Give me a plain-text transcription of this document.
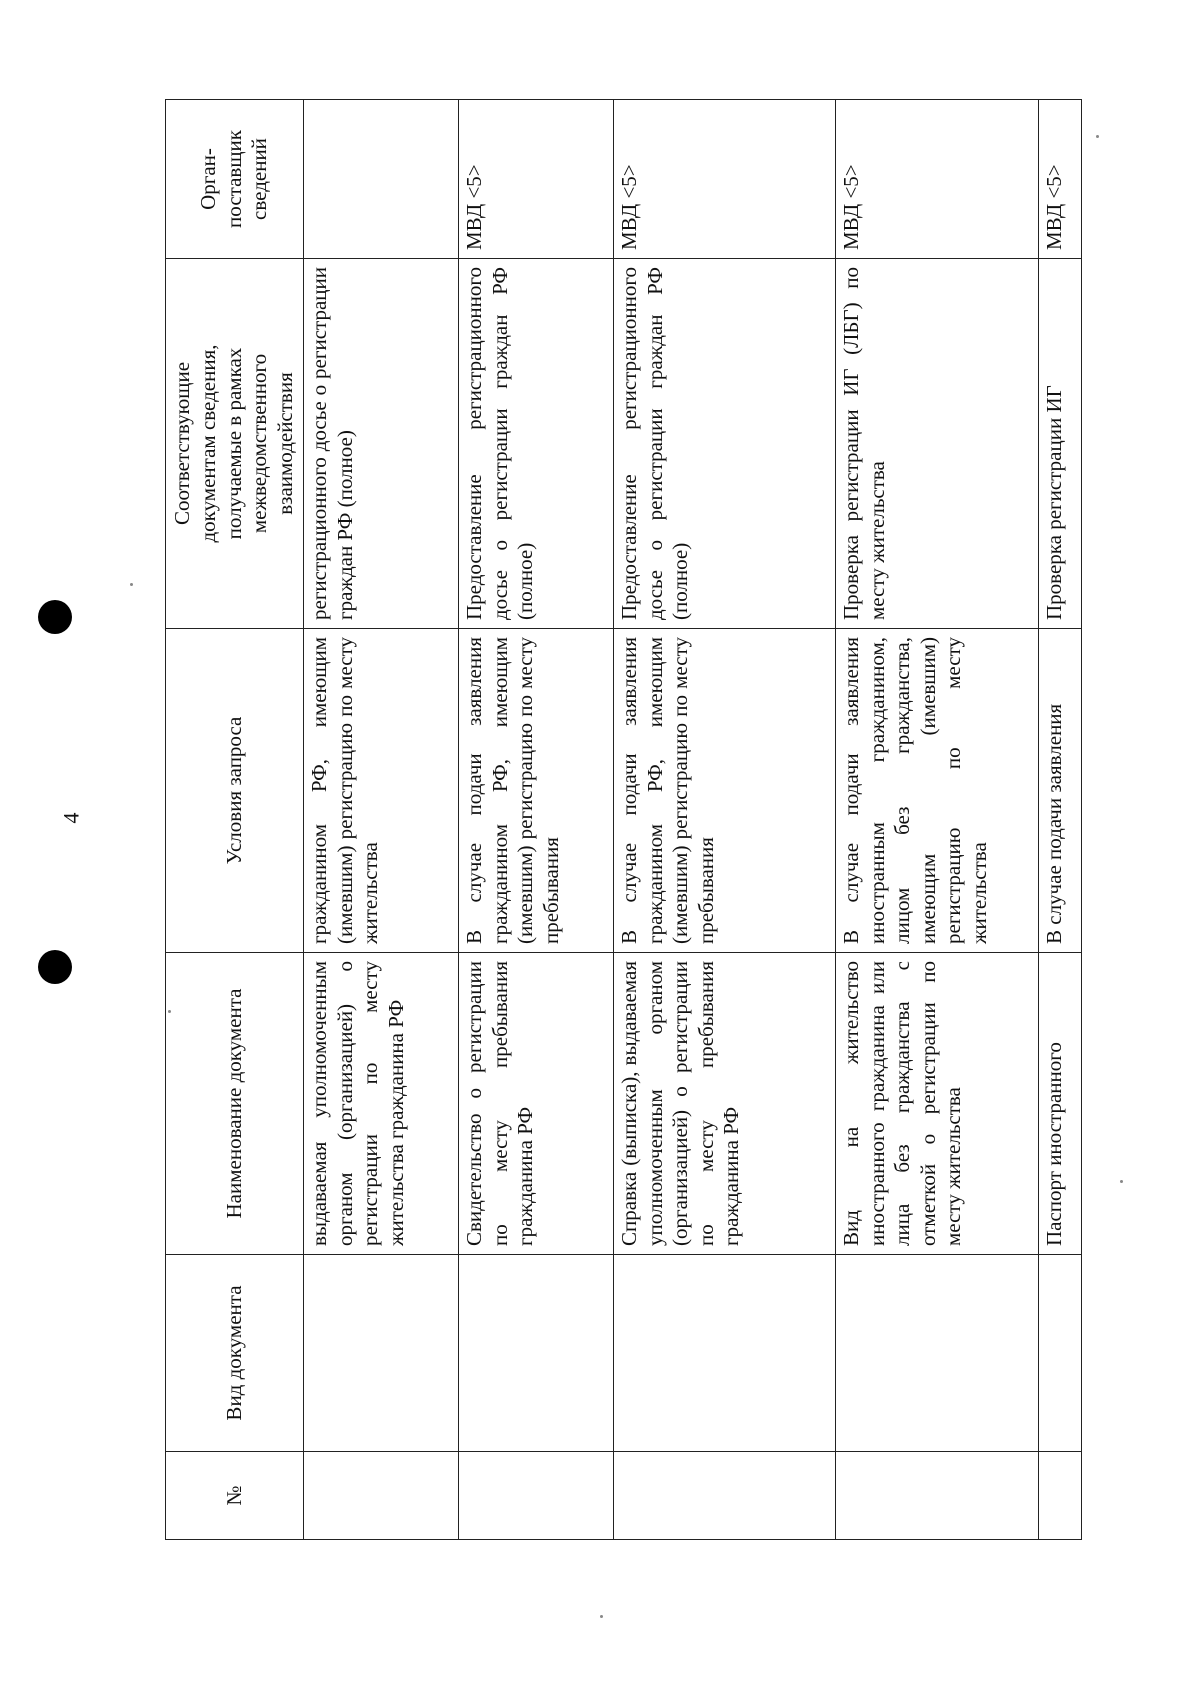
4
№	Вид документа	Наименование документа	Условия запроса	Соответствующие
документам сведения,
получаемые в рамках
межведомственного
взаимодействия	Орган-
поставщик
сведений
		выдаваемая уполномоченным органом (организацией) о регистрации по месту жительства гражданина РФ	гражданином РФ, имеющим (имевшим) регистрацию по месту жительства	регистрационного досье о регистрации граждан РФ (полное)	
		Свидетельство о регистрации по месту пребывания гражданина РФ	В случае подачи заявления гражданином РФ, имеющим (имевшим) регистрацию по месту пребывания	Предоставление регистрационного досье о регистрации граждан РФ (полное)	МВД <5>
		Справка (выписка), выдаваемая уполномоченным органом (организацией) о регистрации по месту пребывания гражданина РФ	В случае подачи заявления гражданином РФ, имеющим (имевшим) регистрацию по месту пребывания	Предоставление регистрационного досье о регистрации граждан РФ (полное)	МВД <5>
		Вид на жительство иностранного гражданина или лица без гражданства с отметкой о регистрации по месту жительства	В случае подачи заявления иностранным гражданином, лицом без гражданства, имеющим (имевшим) регистрацию по месту жительства	Проверка регистрации ИГ (ЛБГ) по месту жительства	МВД <5>
		Паспорт иностранного	В случае подачи заявления	Проверка регистрации ИГ	МВД <5>
